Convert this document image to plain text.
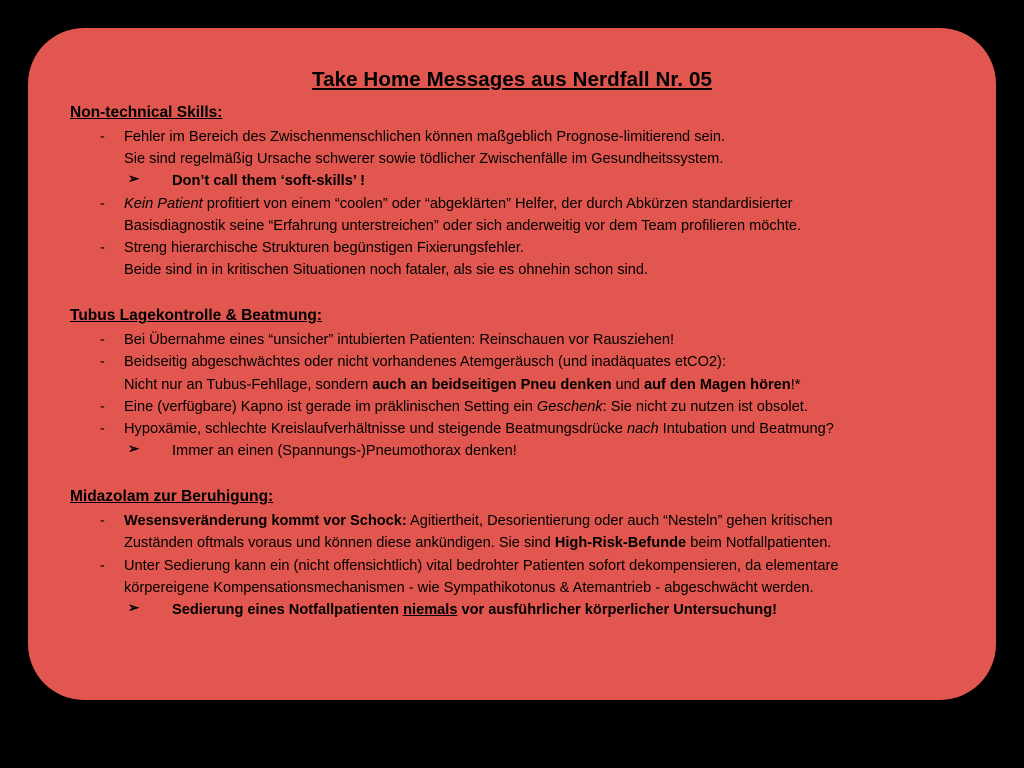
Take Home Messages aus Nerdfall Nr. 05
Non-technical Skills:
- Fehler im Bereich des Zwischenmenschlichen können maßgeblich Prognose-limitierend sein.
Sie sind regelmäßig Ursache schwerer sowie tödlicher Zwischenfälle im Gesundheitssystem.
➢ Don’t call them ‘soft-skills’ !
- Kein Patient profitiert von einem “coolen” oder “abgeklärten” Helfer, der durch Abkürzen standardisierter
Basisdiagnostik seine “Erfahrung unterstreichen” oder sich anderweitig vor dem Team profilieren möchte.
- Streng hierarchische Strukturen begünstigen Fixierungsfehler.
Beide sind in in kritischen Situationen noch fataler, als sie es ohnehin schon sind.
Tubus Lagekontrolle & Beatmung:
- Bei Übernahme eines “unsicher” intubierten Patienten: Reinschauen vor Rausziehen!
- Beidseitig abgeschwächtes oder nicht vorhandenes Atemgeräusch (und inadäquates etCO2):
Nicht nur an Tubus-Fehllage, sondern auch an beidseitigen Pneu denken und auf den Magen hören!*
- Eine (verfügbare) Kapno ist gerade im präklinischen Setting ein Geschenk: Sie nicht zu nutzen ist obsolet.
- Hypoxämie, schlechte Kreislaufverhältnisse und steigende Beatmungsdrücke nach Intubation und Beatmung?
➢ Immer an einen (Spannungs-)Pneumothorax denken!
Midazolam zur Beruhigung:
- Wesensveränderung kommt vor Schock: Agitiertheit, Desorientierung oder auch “Nesteln” gehen kritischen
Zuständen oftmals voraus und können diese ankündigen. Sie sind High-Risk-Befunde beim Notfallpatienten.
- Unter Sedierung kann ein (nicht offensichtlich) vital bedrohter Patienten sofort dekompensieren, da elementare
körpereigene Kompensationsmechanismen - wie Sympathikotonus & Atemantrieb - abgeschwächt werden.
➢ Sedierung eines Notfallpatienten niemals vor ausführlicher körperlicher Untersuchung!
